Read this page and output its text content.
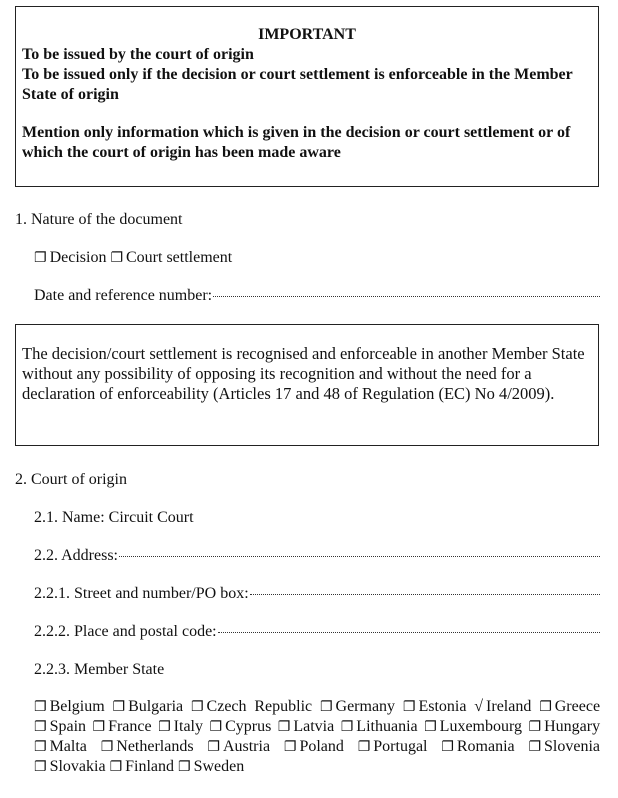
IMPORTANT
To be issued by the court of origin
To be issued only if the decision or court settlement is enforceable in the Member State of origin
Mention only information which is given in the decision or court settlement or of which the court of origin has been made aware
1. Nature of the document
❐ Decision ❐ Court settlement
Date and reference number:
The decision/court settlement is recognised and enforceable in another Member State without any possibility of opposing its recognition and without the need for a declaration of enforceability (Articles 17 and 48 of Regulation (EC) No 4/2009).
2. Court of origin
2.1. Name: Circuit Court
2.2. Address:
2.2.1. Street and number/PO box:
2.2.2. Place and postal code:
2.2.3. Member State
❐ Belgium ❐ Bulgaria ❐ Czech Republic ❐ Germany ❐ Estonia √ Ireland ❐ Greece ❐ Spain ❐ France ❐ Italy ❐ Cyprus ❐ Latvia ❐ Lithuania ❐ Luxembourg ❐ Hungary ❐ Malta ❐ Netherlands ❐ Austria ❐ Poland ❐ Portugal ❐ Romania ❐ Slovenia ❐ Slovakia ❐ Finland ❐ Sweden
